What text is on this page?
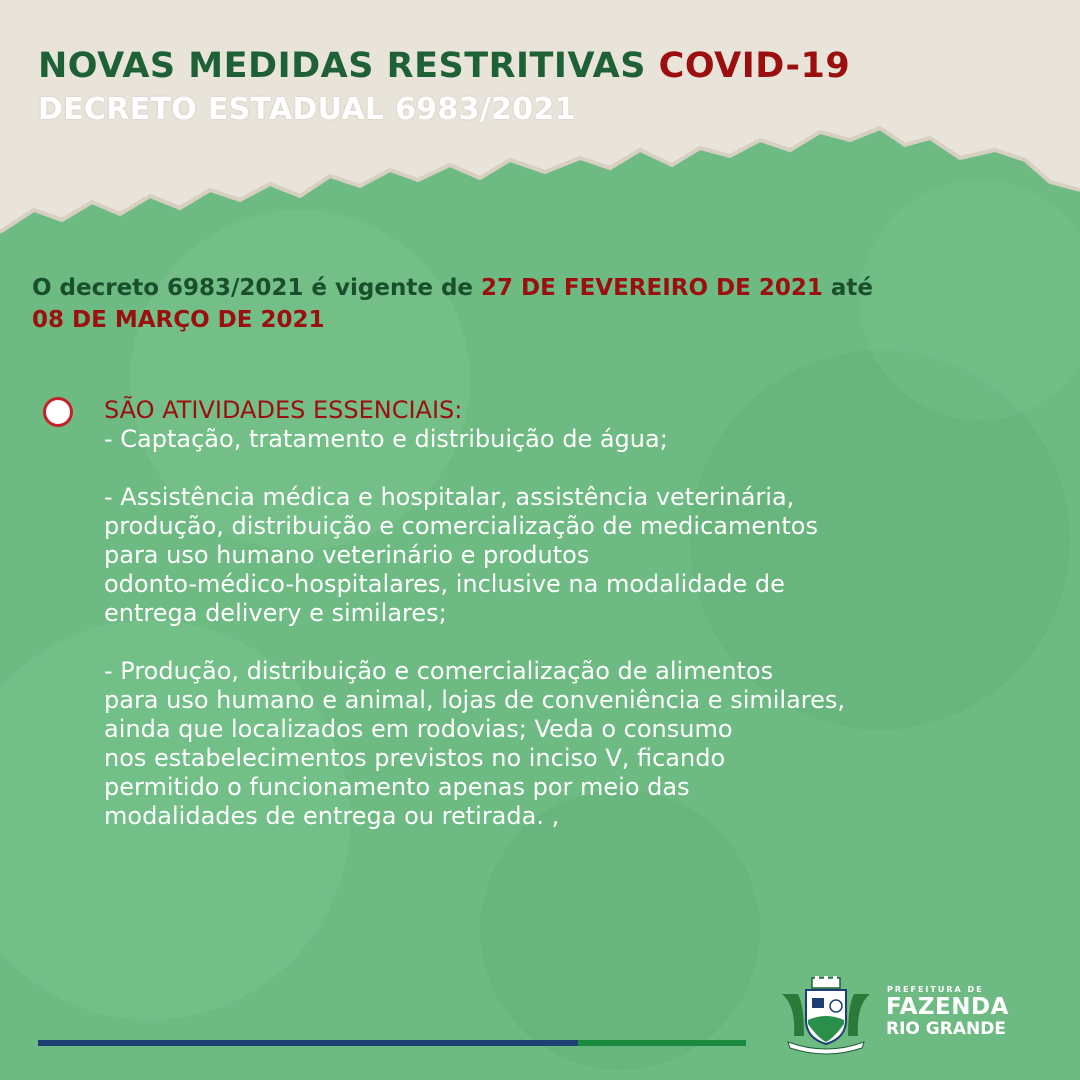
NOVAS MEDIDAS RESTRITIVAS COVID-19
DECRETO ESTADUAL 6983/2021

O decreto 6983/2021 é vigente de 27 DE FEVEREIRO DE 2021 até
08 DE MARÇO DE 2021

SÃO ATIVIDADES ESSENCIAIS:

- Captação, tratamento e distribuição de água;

- Assistência médica e hospitalar, assistência veterinária,
produção, distribuição e comercialização de medicamentos
para uso humano veterinário e produtos
odonto-médico-hospitalares, inclusive na modalidade de
entrega delivery e similares;

- Produção, distribuição e comercialização de alimentos
para uso humano e animal, lojas de conveniência e similares,
ainda que localizados em rodovias; Veda o consumo
nos estabelecimentos previstos no inciso V, ficando
permitido o funcionamento apenas por meio das
modalidades de entrega ou retirada. ,

PREFEITURA DE

FAZENDA

RIO GRANDE
